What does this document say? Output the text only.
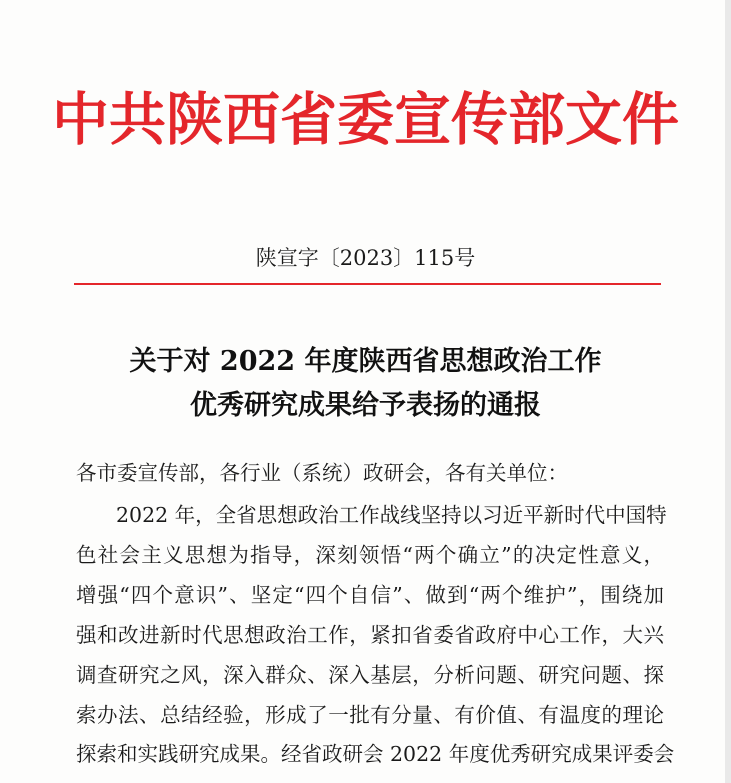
中共陕西省委宣传部文件
陕宣字〔2023〕115号
关于对 2022 年度陕西省思想政治工作
优秀研究成果给予表扬的通报
各市委宣传部，各行业（系统）政研会，各有关单位：
2022 年，全省思想政治工作战线坚持以习近平新时代中国特
色社会主义思想为指导，深刻领悟“两个确立”的决定性意义，
增强“四个意识”、坚定“四个自信”、做到“两个维护”，围绕加
强和改进新时代思想政治工作，紧扣省委省政府中心工作，大兴
调查研究之风，深入群众、深入基层，分析问题、研究问题、探
索办法、总结经验，形成了一批有分量、有价值、有温度的理论
探索和实践研究成果。经省政研会 2022 年度优秀研究成果评委会
